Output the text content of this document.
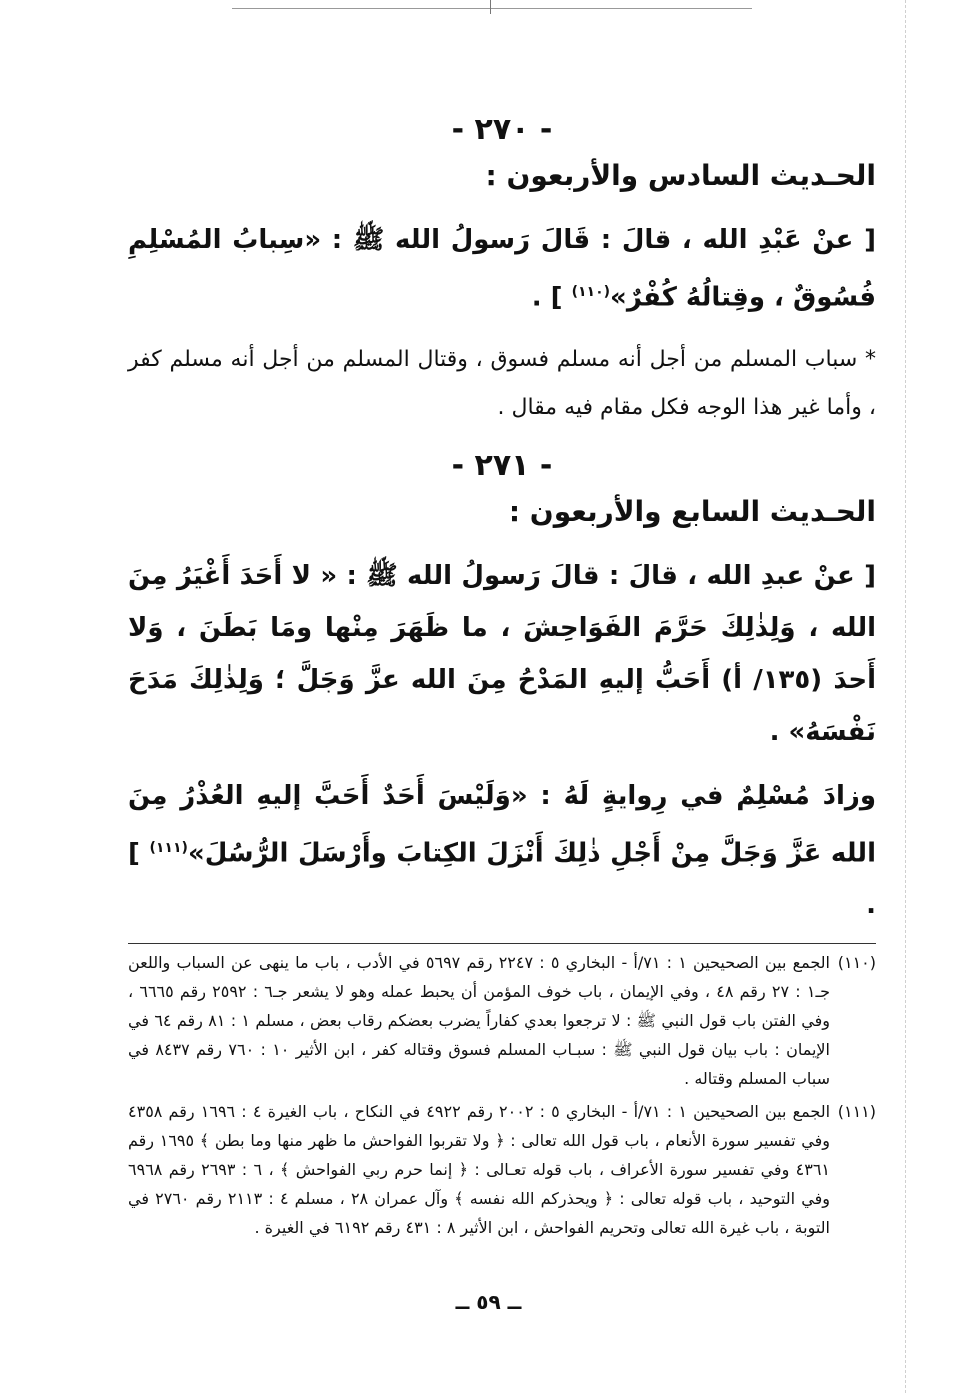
- ٢٧٠ -

الحـديث السادس والأربعون :

[ عنْ عَبْدِ الله ، قالَ : قَالَ رَسولُ الله ﷺ : «سِبابُ المُسْلِمِ فُسُوقٌ ، وقِتالُهُ كُفْرٌ»$^{(١١٠)}$ ] .

* سباب المسلم من أجل أنه مسلم فسوق ، وقتال المسلم من أجل أنه مسلم كفر ، وأما غير هذا الوجه فكل مقام فيه مقال .

- ٢٧١ -

الحـديث السابع والأربعون :

[ عنْ عبدِ الله ، قالَ : قالَ رَسولُ الله ﷺ : « لا أَحَدَ أَغْيَرُ مِنَ الله ، وَلِذٰلِكَ حَرَّمَ الفَوَاحِشَ ، ما ظَهَرَ مِنْها ومَا بَطَنَ ، وَلا أَحدَ (١٣٥/ أ) أَحَبُّ إليهِ المَدْحُ مِنَ الله عزَّ وَجَلَّ ؛ وَلِذٰلِكَ مَدَحَ نَفْسَهُ» .

وزادَ مُسْلِمٌ في رِوايةٍ لَهُ : «وَلَيْسَ أَحَدٌ أَحَبَّ إليهِ العُذْرُ مِنَ الله عَزَّ وَجَلَّ مِنْ أَجْلِ ذٰلِكَ أَنْزَلَ الكِتابَ وأَرْسَلَ الرُّسُلَ»$^{(١١١)}$ ] .

(١١٠)
الجمع بين الصحيحين ١ : ٧١/أ - البخاري ٥ : ٢٢٤٧ رقم ٥٦٩٧ في الأدب ، باب ما ينهى عن السباب واللعن جـ١ : ٢٧ رقم ٤٨ ، وفي الإيمان ، باب خوف المؤمن أن يحبط عمله وهو لا يشعر جـ٦ : ٢٥٩٢ رقم ٦٦٦٥ ، وفي الفتن باب قول النبي ﷺ : لا ترجعوا بعدي كفاراً يضرب بعضكم رقاب بعض ، مسلم ١ : ٨١ رقم ٦٤ في الإيمان : باب بيان قول النبي ﷺ : سبـاب المسلم فسوق وقتاله كفر ، ابن الأثير ١٠ : ٧٦٠ رقم ٨٤٣٧ في سباب المسلم وقتاله .
(١١١)
الجمع بين الصحيحين ١ : ٧١/أ - البخاري ٥ : ٢٠٠٢ رقم ٤٩٢٢ في النكاح ، باب الغيرة ٤ : ١٦٩٦ رقم ٤٣٥٨ وفي تفسير سورة الأنعام ، باب قول الله تعالى : ﴿ ولا تقربوا الفواحش ما ظهر منها وما بطن ﴾ ١٦٩٥ رقم ٤٣٦١ وفي تفسير سورة الأعراف ، باب قوله تعـالى : ﴿ إنما حرم ربي الفواحش ﴾ ، ٦ : ٢٦٩٣ رقم ٦٩٦٨ وفي التوحيد ، باب قوله تعالى : ﴿ ويحذركم الله نفسه ﴾ وآل عمران ٢٨ ، مسلم ٤ : ٢١١٣ رقم ٢٧٦٠ في التوبة ، باب غيرة الله تعالى وتحريم الفواحش ، ابن الأثير ٨ : ٤٣١ رقم ٦١٩٢ في الغيرة .
ــ ٥٩ ــ
